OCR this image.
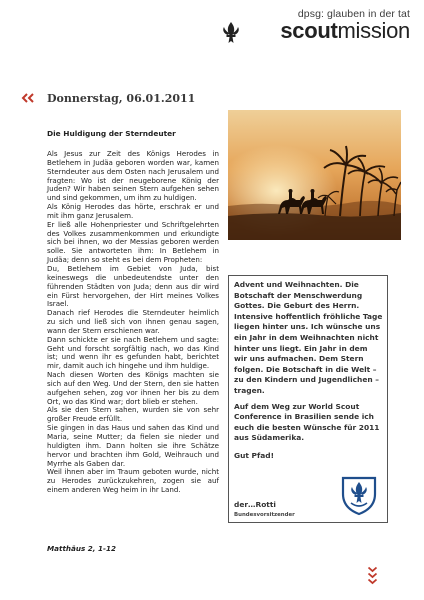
dpsg: glauben in der tat
scoutmission
Donnerstag, 06.01.2011
Die Huldigung der Sterndeuter

Als Jesus zur Zeit des Königs Herodes in Betlehem in Judäa geboren worden war, kamen Sterndeuter aus dem Osten nach Jerusalem und fragten: Wo ist der neugeborene König der Juden? Wir haben seinen Stern aufgehen sehen und sind gekommen, um ihm zu huldigen.

Als König Herodes das hörte, erschrak er und mit ihm ganz Jerusalem.

Er ließ alle Hohenpriester und Schriftgelehrten des Volkes zusammenkommen und erkundigte sich bei ihnen, wo der Messias geboren werden solle. Sie antworteten ihm: In Betlehem in Judäa; denn so steht es bei dem Propheten:

Du, Betlehem im Gebiet von Juda, bist keineswegs die unbedeutendste unter den führenden Städten von Juda; denn aus dir wird ein Fürst hervorgehen, der Hirt meines Volkes Israel.

Danach rief Herodes die Sterndeuter heimlich zu sich und ließ sich von ihnen genau sagen, wann der Stern erschienen war.

Dann schickte er sie nach Betlehem und sagte: Geht und forscht sorgfältig nach, wo das Kind ist; und wenn ihr es gefunden habt, berichtet mir, damit auch ich hingehe und ihm huldige.

Nach diesen Worten des Königs machten sie sich auf den Weg. Und der Stern, den sie hatten aufgehen sehen, zog vor ihnen her bis zu dem Ort, wo das Kind war; dort blieb er stehen.

Als sie den Stern sahen, wurden sie von sehr großer Freude erfüllt.

Sie gingen in das Haus und sahen das Kind und Maria, seine Mutter; da fielen sie nieder und huldigten ihm. Dann holten sie ihre Schätze hervor und brachten ihm Gold, Weihrauch und Myrrhe als Gaben dar.

Weil ihnen aber im Traum geboten wurde, nicht zu Herodes zurückzukehren, zogen sie auf einem anderen Weg heim in ihr Land.

Matthäus 2, 1-12

Advent und Weihnachten. Die Botschaft der Menschwerdung Gottes. Die Geburt des Herrn. Intensive hoffentlich fröhliche Tage liegen hinter uns. Ich wünsche uns ein Jahr in dem Weihnachten nicht hinter uns liegt. Ein Jahr in dem wir uns aufmachen. Dem Stern folgen. Die Botschaft in die Welt – zu den Kindern und Jugendlichen – tragen.

Auf dem Weg zur World Scout Conference in Brasilien sende ich euch die besten Wünsche für 2011 aus Südamerika.

Gut Pfad!

der…Rotti
Bundesvorsitzender
